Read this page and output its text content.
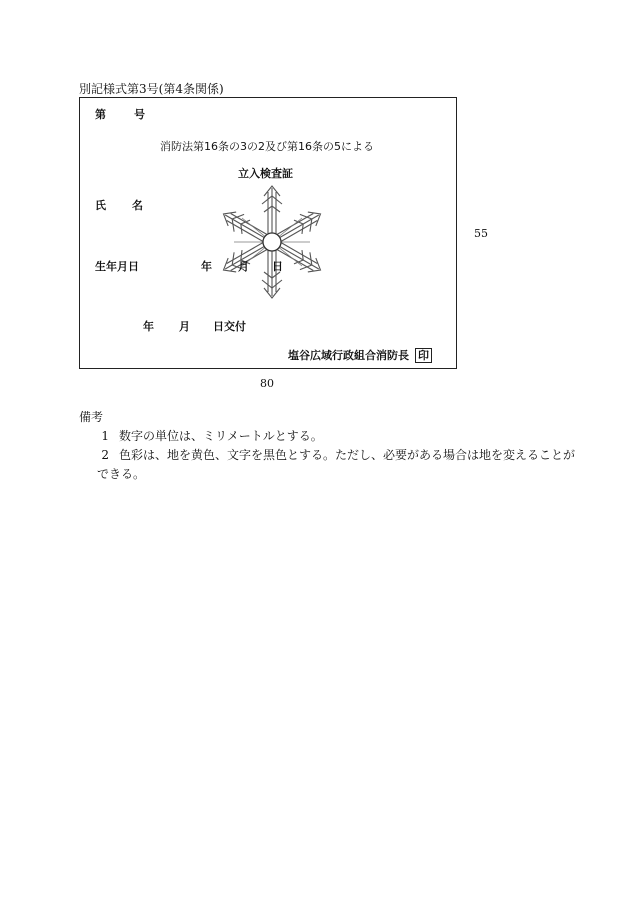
別記様式第3号(第4条関係)
第	号
消防法第16条の3の2及び第16条の5による
立入検査証
氏 名
生年月日	年 月 日
年 月 日交付
塩谷広域行政組合消防長 印
55
80
備考
1 数字の単位は、ミリメートルとする。
2 色彩は、地を黄色、文字を黒色とする。ただし、必要がある場合は地を変えることが
できる。
